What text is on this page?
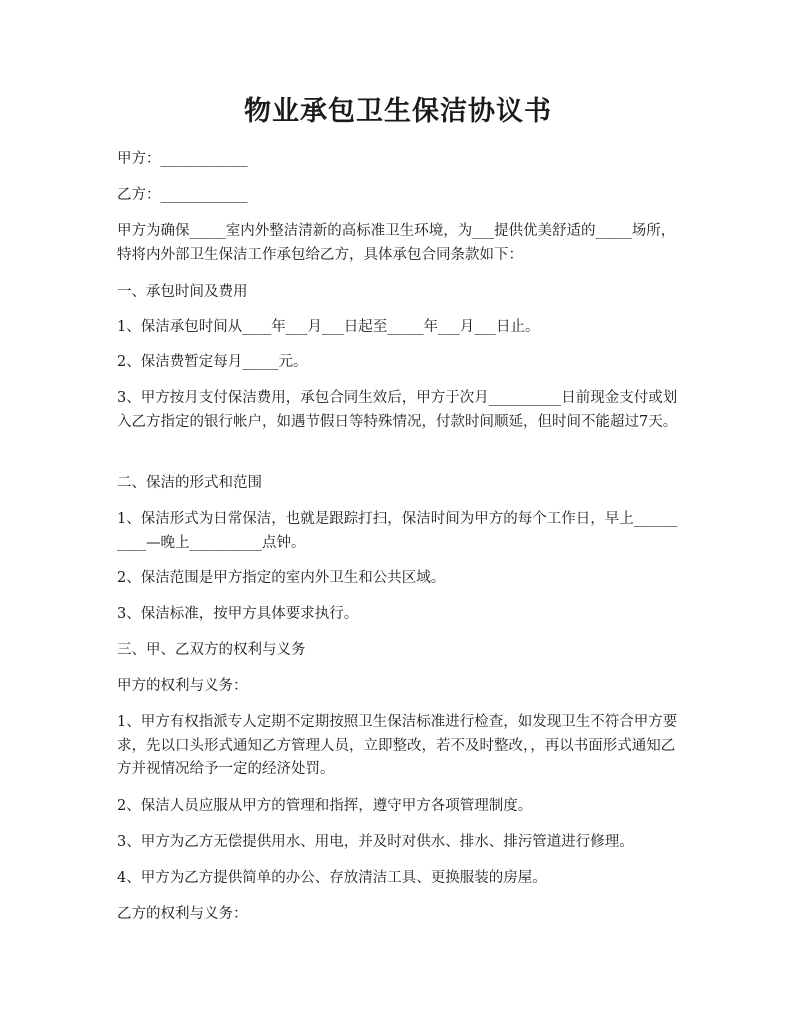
物业承包卫生保洁协议书

甲方：____________

乙方：____________

甲方为确保_____室内外整洁清新的高标准卫生环境，为___提供优美舒适的_____场所，特将内外部卫生保洁工作承包给乙方，具体承包合同条款如下：

一、承包时间及费用

1、保洁承包时间从____年___月___日起至_____年___月___日止。

2、保洁费暂定每月_____元。

3、甲方按月支付保洁费用，承包合同生效后，甲方于次月__________日前现金支付或划入乙方指定的银行帐户，如遇节假日等特殊情况，付款时间顺延，但时间不能超过7天。

二、保洁的形式和范围

1、保洁形式为日常保洁，也就是跟踪打扫，保洁时间为甲方的每个工作日，早上__________—晚上__________点钟。

2、保洁范围是甲方指定的室内外卫生和公共区域。

3、保洁标准，按甲方具体要求执行。

三、甲、乙双方的权利与义务

甲方的权利与义务：

1、甲方有权指派专人定期不定期按照卫生保洁标准进行检查，如发现卫生不符合甲方要求，先以口头形式通知乙方管理人员，立即整改，若不及时整改，，再以书面形式通知乙方并视情况给予一定的经济处罚。

2、保洁人员应服从甲方的管理和指挥，遵守甲方各项管理制度。

3、甲方为乙方无偿提供用水、用电，并及时对供水、排水、排污管道进行修理。

4、甲方为乙方提供简单的办公、存放清洁工具、更换服装的房屋。

乙方的权利与义务：
